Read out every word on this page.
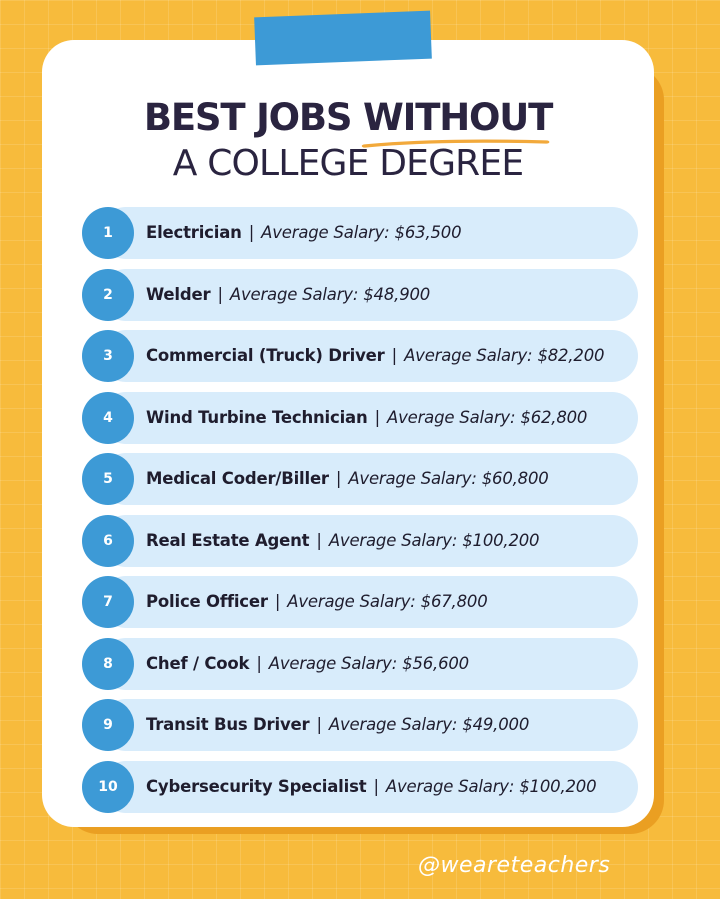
BEST JOBS WITHOUT
A COLLEGE DEGREE
1	Electrician | Average Salary: $63,500
2	Welder | Average Salary: $48,900
3	Commercial (Truck) Driver | Average Salary: $82,200
4	Wind Turbine Technician | Average Salary: $62,800
5	Medical Coder/Biller | Average Salary: $60,800
6	Real Estate Agent | Average Salary: $100,200
7	Police Officer | Average Salary: $67,800
8	Chef / Cook | Average Salary: $56,600
9	Transit Bus Driver | Average Salary: $49,000
10	Cybersecurity Specialist | Average Salary: $100,200
@weareteachers
